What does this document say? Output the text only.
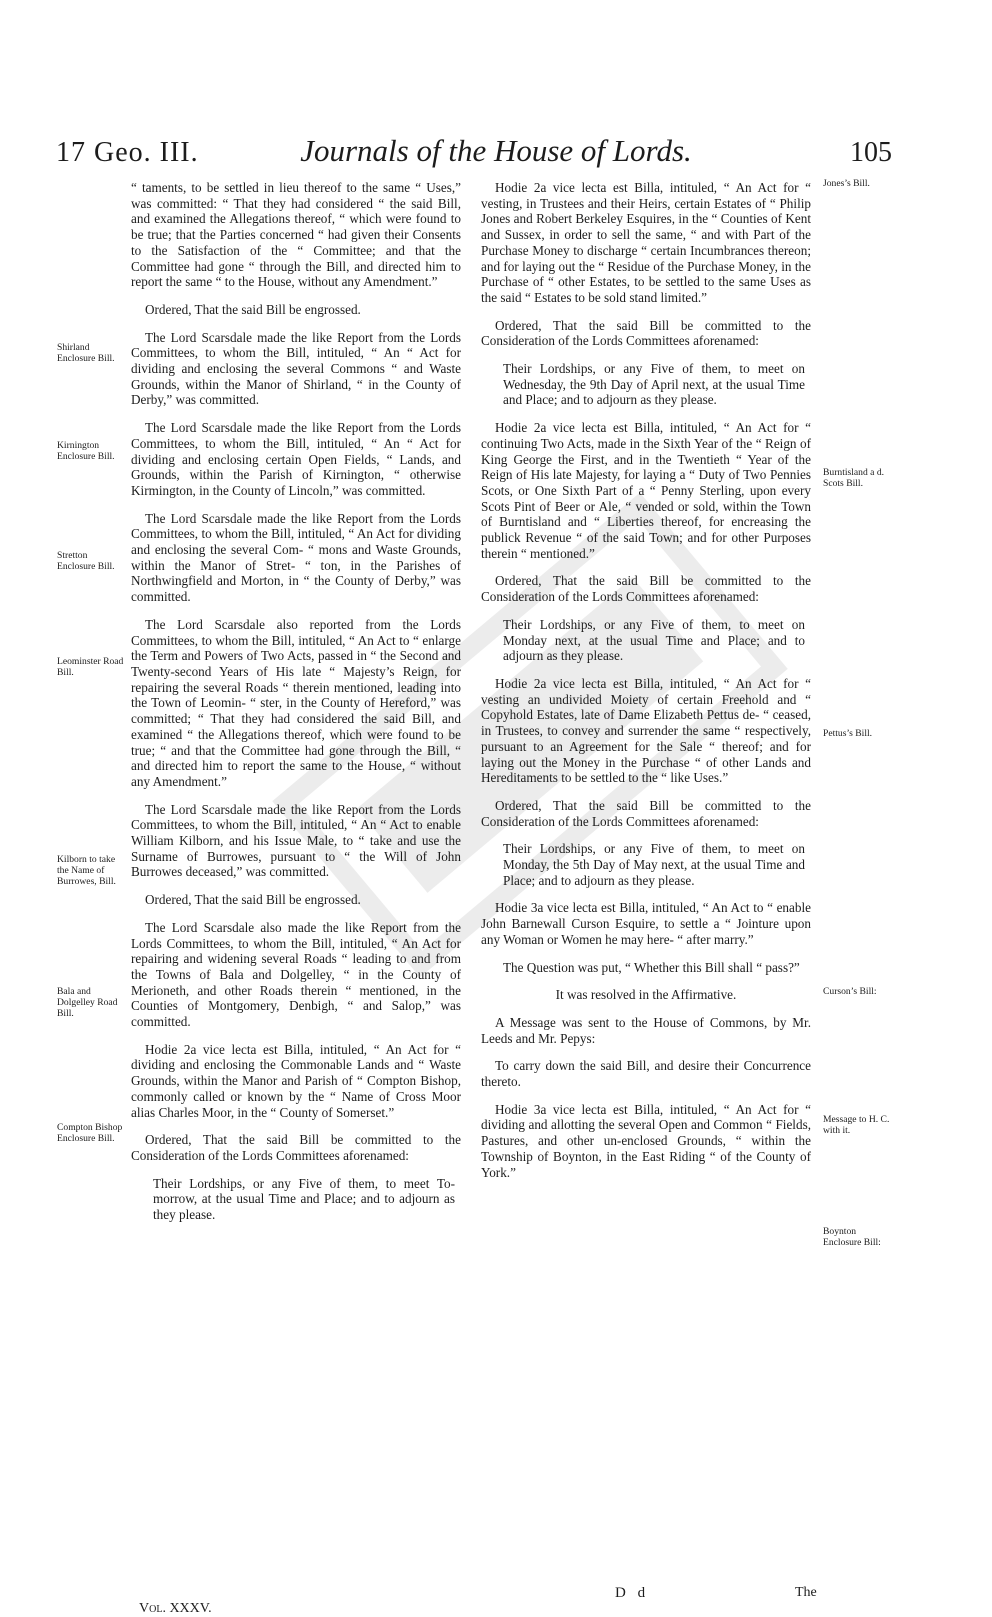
17 Geo. III.	Journals of the House of Lords.	105
Shirland Enclosure Bill.
Kirnington Enclosure Bill.
Stretton Enclosure Bill.
Leominster Road Bill.
Kilborn to take the Name of Burrowes, Bill.
Bala and Dolgelley Road Bill.
Compton Bishop Enclosure Bill.
Jones’s Bill.
Burntisland a d. Scots Bill.
Pettus’s Bill.
Curson’s Bill:
Message to H. C. with it.
Boynton Enclosure Bill:

“ taments, to be settled in lieu thereof to the same “ Uses,” was committed: “ That they had considered “ the said Bill, and examined the Allegations thereof, “ which were found to be true; that the Parties concerned “ had given their Consents to the Satisfaction of the “ Committee; and that the Committee had gone “ through the Bill, and directed him to report the same “ to the House, without any Amendment.”

Ordered, That the said Bill be engrossed.

The Lord Scarsdale made the like Report from the Lords Committees, to whom the Bill, intituled, “ An “ Act for dividing and enclosing the several Commons “ and Waste Grounds, within the Manor of Shirland, “ in the County of Derby,” was committed.

The Lord Scarsdale made the like Report from the Lords Committees, to whom the Bill, intituled, “ An “ Act for dividing and enclosing certain Open Fields, “ Lands, and Grounds, within the Parish of Kirnington, “ otherwise Kirmington, in the County of Lincoln,” was committed.

The Lord Scarsdale made the like Report from the Lords Committees, to whom the Bill, intituled, “ An Act for dividing and enclosing the several Com- “ mons and Waste Grounds, within the Manor of Stret- “ ton, in the Parishes of Northwingfield and Morton, in “ the County of Derby,” was committed.

The Lord Scarsdale also reported from the Lords Committees, to whom the Bill, intituled, “ An Act to “ enlarge the Term and Powers of Two Acts, passed in “ the Second and Twenty-second Years of His late “ Majesty’s Reign, for repairing the several Roads “ therein mentioned, leading into the Town of Leomin- “ ster, in the County of Hereford,” was committed; “ That they had considered the said Bill, and examined “ the Allegations thereof, which were found to be true; “ and that the Committee had gone through the Bill, “ and directed him to report the same to the House, “ without any Amendment.”

The Lord Scarsdale made the like Report from the Lords Committees, to whom the Bill, intituled, “ An “ Act to enable William Kilborn, and his Issue Male, to “ take and use the Surname of Burrowes, pursuant to “ the Will of John Burrowes deceased,” was committed.

Ordered, That the said Bill be engrossed.

The Lord Scarsdale also made the like Report from the Lords Committees, to whom the Bill, intituled, “ An Act for repairing and widening several Roads “ leading to and from the Towns of Bala and Dolgelley, “ in the County of Merioneth, and other Roads therein “ mentioned, in the Counties of Montgomery, Denbigh, “ and Salop,” was committed.

Hodie 2a vice lecta est Billa, intituled, “ An Act for “ dividing and enclosing the Commonable Lands and “ Waste Grounds, within the Manor and Parish of “ Compton Bishop, commonly called or known by the “ Name of Cross Moor alias Charles Moor, in the “ County of Somerset.”

Ordered, That the said Bill be committed to the Consideration of the Lords Committees aforenamed:

Their Lordships, or any Five of them, to meet To-morrow, at the usual Time and Place; and to adjourn as they please.

Hodie 2a vice lecta est Billa, intituled, “ An Act for “ vesting, in Trustees and their Heirs, certain Estates of “ Philip Jones and Robert Berkeley Esquires, in the “ Counties of Kent and Sussex, in order to sell the same, “ and with Part of the Purchase Money to discharge “ certain Incumbrances thereon; and for laying out the “ Residue of the Purchase Money, in the Purchase of “ other Estates, to be settled to the same Uses as the said “ Estates to be sold stand limited.”

Ordered, That the said Bill be committed to the Consideration of the Lords Committees aforenamed:

Their Lordships, or any Five of them, to meet on Wednesday, the 9th Day of April next, at the usual Time and Place; and to adjourn as they please.

Hodie 2a vice lecta est Billa, intituled, “ An Act for “ continuing Two Acts, made in the Sixth Year of the “ Reign of King George the First, and in the Twentieth “ Year of the Reign of His late Majesty, for laying a “ Duty of Two Pennies Scots, or One Sixth Part of a “ Penny Sterling, upon every Scots Pint of Beer or Ale, “ vended or sold, within the Town of Burntisland and “ Liberties thereof, for encreasing the publick Revenue “ of the said Town; and for other Purposes therein “ mentioned.”

Ordered, That the said Bill be committed to the Consideration of the Lords Committees aforenamed:

Their Lordships, or any Five of them, to meet on Monday next, at the usual Time and Place; and to adjourn as they please.

Hodie 2a vice lecta est Billa, intituled, “ An Act for “ vesting an undivided Moiety of certain Freehold and “ Copyhold Estates, late of Dame Elizabeth Pettus de- “ ceased, in Trustees, to convey and surrender the same “ respectively, pursuant to an Agreement for the Sale “ thereof; and for laying out the Money in the Purchase “ of other Lands and Hereditaments to be settled to the “ like Uses.”

Ordered, That the said Bill be committed to the Consideration of the Lords Committees aforenamed:

Their Lordships, or any Five of them, to meet on Monday, the 5th Day of May next, at the usual Time and Place; and to adjourn as they please.

Hodie 3a vice lecta est Billa, intituled, “ An Act to “ enable John Barnewall Curson Esquire, to settle a “ Jointure upon any Woman or Women he may here- “ after marry.”

The Question was put, “ Whether this Bill shall “ pass?”

It was resolved in the Affirmative.

A Message was sent to the House of Commons, by Mr. Leeds and Mr. Pepys:

To carry down the said Bill, and desire their Concurrence thereto.

Hodie 3a vice lecta est Billa, intituled, “ An Act for “ dividing and allotting the several Open and Common “ Fields, Pastures, and other un-enclosed Grounds, “ within the Township of Boynton, in the East Riding “ of the County of York.”

Vol. XXXV.
D d	The
